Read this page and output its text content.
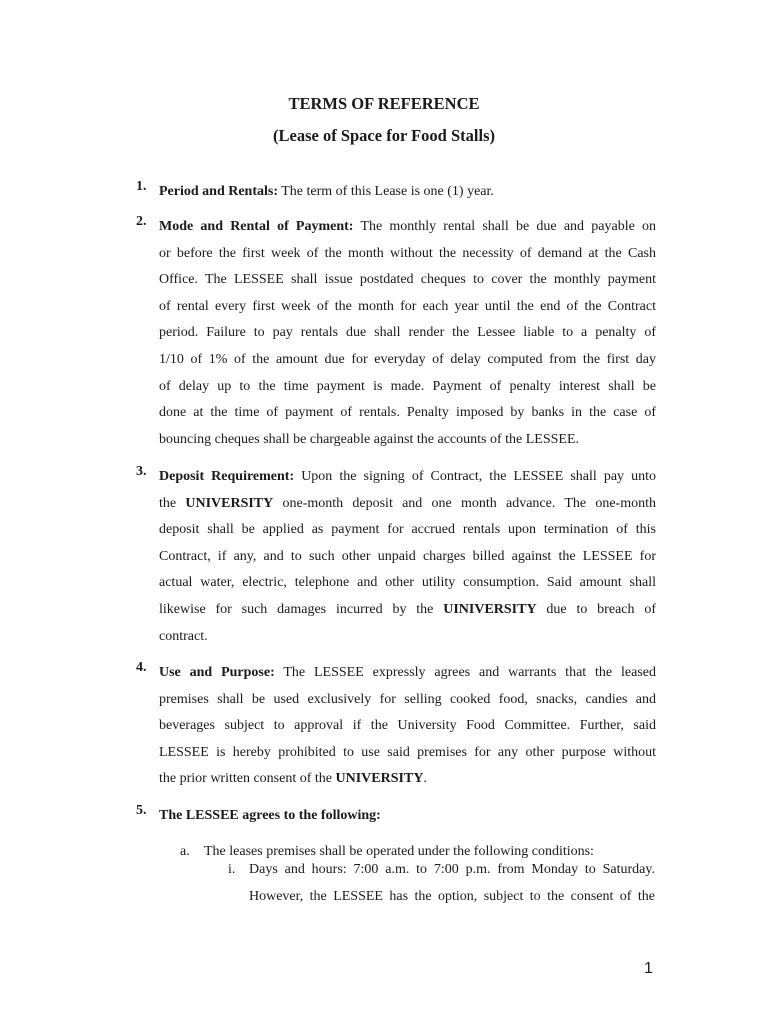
TERMS OF REFERENCE
(Lease of Space for Food Stalls)
1. Period and Rentals: The term of this Lease is one (1) year.
2. Mode and Rental of Payment: The monthly rental shall be due and payable on
or before the first week of the month without the necessity of demand at the Cash
Office. The LESSEE shall issue postdated cheques to cover the monthly payment
of rental every first week of the month for each year until the end of the Contract
period. Failure to pay rentals due shall render the Lessee liable to a penalty of
1/10 of 1% of the amount due for everyday of delay computed from the first day
of delay up to the time payment is made. Payment of penalty interest shall be
done at the time of payment of rentals. Penalty imposed by banks in the case of
bouncing cheques shall be chargeable against the accounts of the LESSEE.
3. Deposit Requirement: Upon the signing of Contract, the LESSEE shall pay unto
the UNIVERSITY one-month deposit and one month advance. The one-month
deposit shall be applied as payment for accrued rentals upon termination of this
Contract, if any, and to such other unpaid charges billed against the LESSEE for
actual water, electric, telephone and other utility consumption. Said amount shall
likewise for such damages incurred by the UINIVERSITY due to breach of
contract.
4. Use and Purpose: The LESSEE expressly agrees and warrants that the leased
premises shall be used exclusively for selling cooked food, snacks, candies and
beverages subject to approval if the University Food Committee. Further, said
LESSEE is hereby prohibited to use said premises for any other purpose without
the prior written consent of the UNIVERSITY.
5. The LESSEE agrees to the following:
a. The leases premises shall be operated under the following conditions:
i. Days and hours: 7:00 a.m. to 7:00 p.m. from Monday to Saturday.
However, the LESSEE has the option, subject to the consent of the
1
